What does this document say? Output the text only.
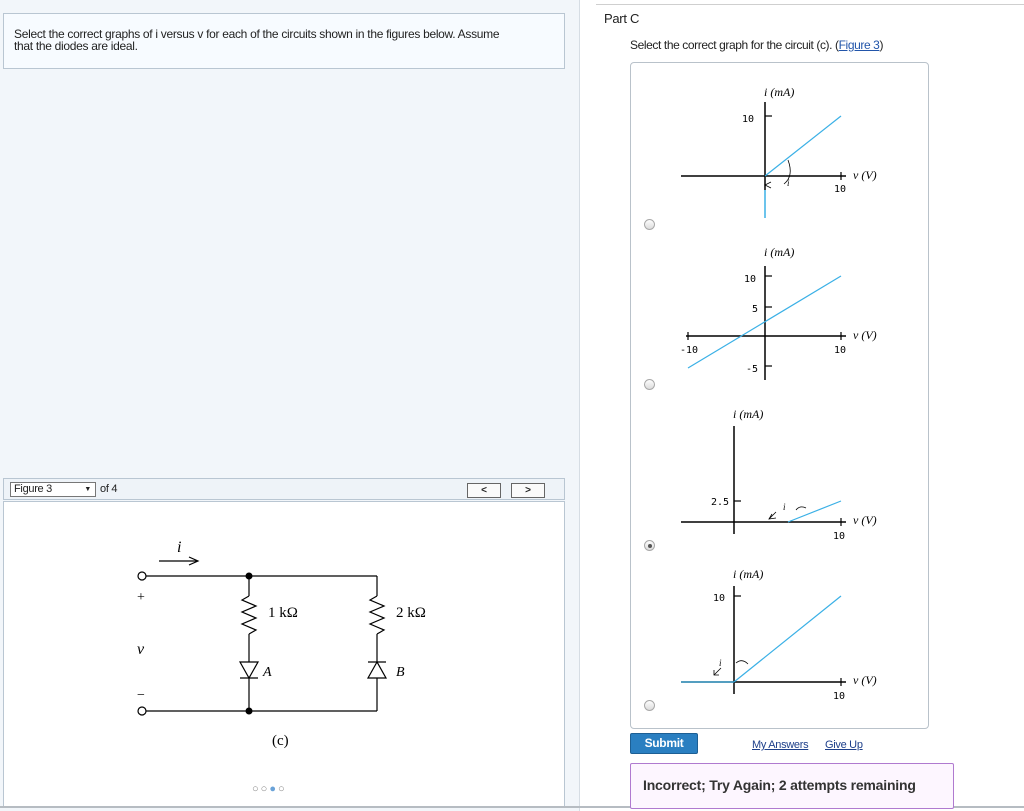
Select the correct graphs of i versus v for each of the circuits shown in the figures below. Assume
that the diodes are ideal.
Figure 3	▼ of 4	<	>
i
+
v
−
1 kΩ
A
2 kΩ
B
(c)
○○●○
Part C
Select the correct graph for the circuit (c). (Figure 3)
i (mA)
10
10
v (V)
i
i (mA)
10
5
-5
-10	10
v (V)
i (mA)
2.5
10
v (V)
i
i (mA)
10
10
v (V)
i
Submit	My Answers Give Up
Incorrect; Try Again; 2 attempts remaining
